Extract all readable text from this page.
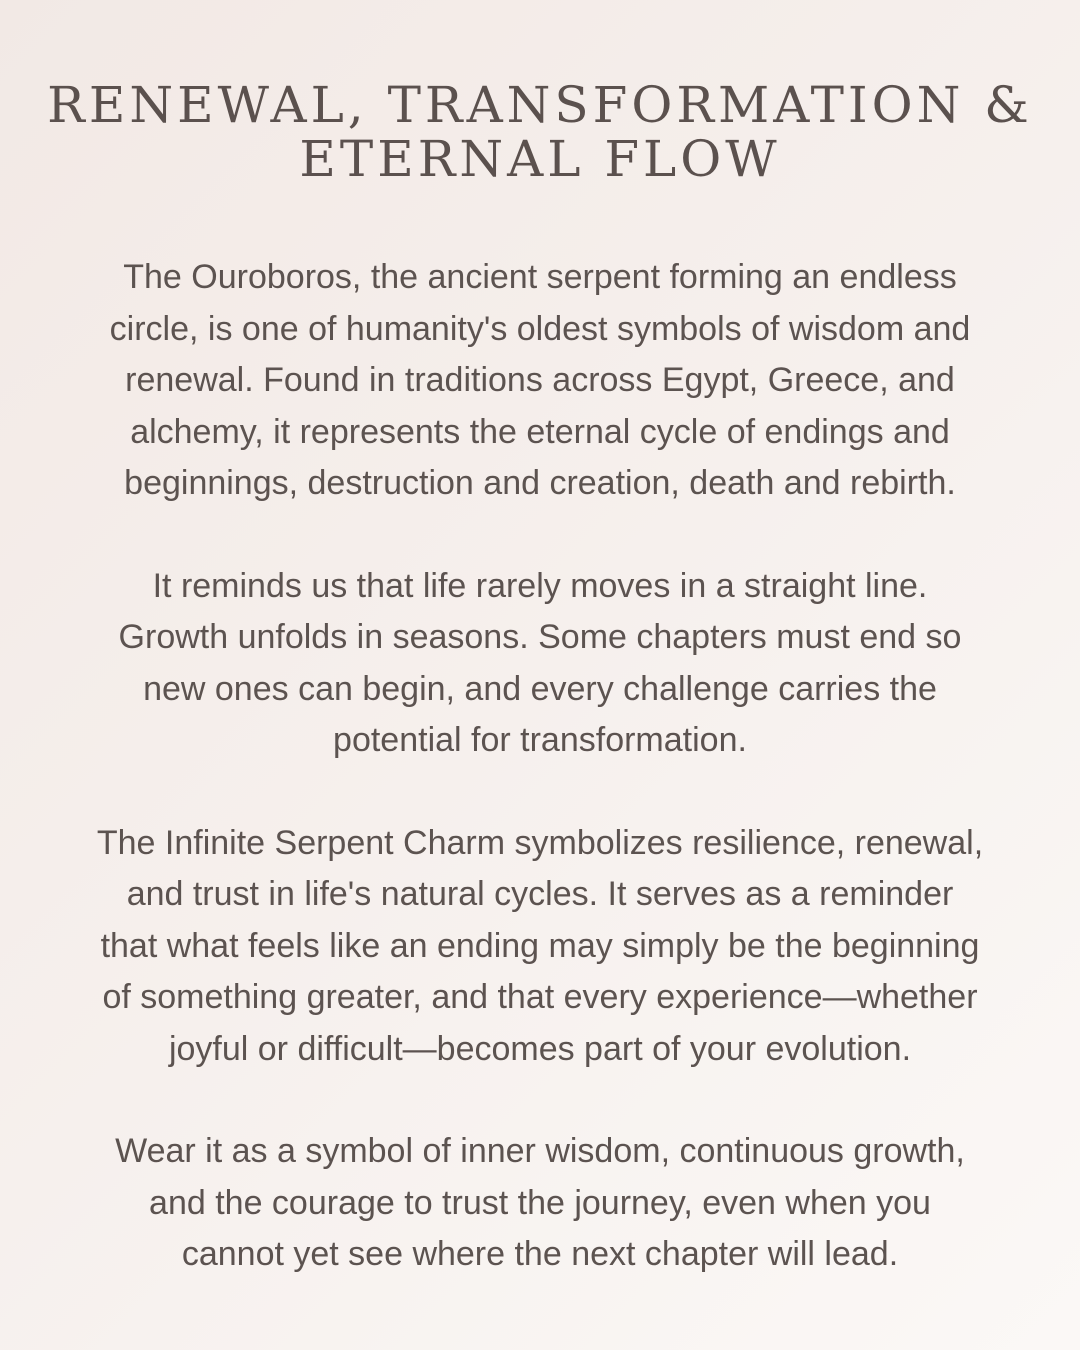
RENEWAL, TRANSFORMATION &
ETERNAL FLOW

The Ouroboros, the ancient serpent forming an endless
circle, is one of humanity's oldest symbols of wisdom and
renewal. Found in traditions across Egypt, Greece, and
alchemy, it represents the eternal cycle of endings and
beginnings, destruction and creation, death and rebirth.

It reminds us that life rarely moves in a straight line.
Growth unfolds in seasons. Some chapters must end so
new ones can begin, and every challenge carries the
potential for transformation.

The Infinite Serpent Charm symbolizes resilience, renewal,
and trust in life's natural cycles. It serves as a reminder
that what feels like an ending may simply be the beginning
of something greater, and that every experience—whether
joyful or difficult—becomes part of your evolution.

Wear it as a symbol of inner wisdom, continuous growth,
and the courage to trust the journey, even when you
cannot yet see where the next chapter will lead.
